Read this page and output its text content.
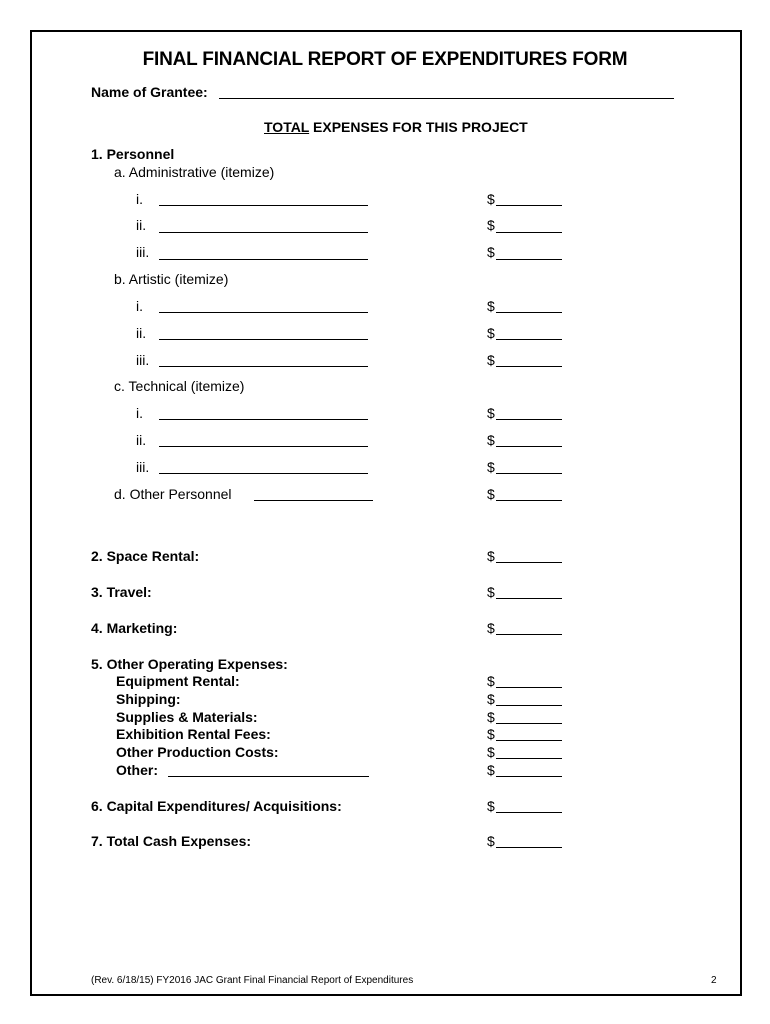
FINAL FINANCIAL REPORT OF EXPENDITURES FORM
Name of Grantee:
TOTAL EXPENSES FOR THIS PROJECT
1. Personnel
a. Administrative (itemize)
i.	$
ii.	$
iii.	$
b. Artistic (itemize)
i.	$
ii.	$
iii.	$
c. Technical (itemize)
i.	$
ii.	$
iii.	$
d. Other Personnel	$
2. Space Rental:	$
3. Travel:	$
4. Marketing:	$
5. Other Operating Expenses:
Equipment Rental:	$
Shipping:	$
Supplies & Materials:	$
Exhibition Rental Fees:	$
Other Production Costs:	$
Other:	$
6. Capital Expenditures/ Acquisitions:	$
7. Total Cash Expenses:	$
(Rev. 6/18/15) FY2016 JAC Grant Final Financial Report of Expenditures	2
